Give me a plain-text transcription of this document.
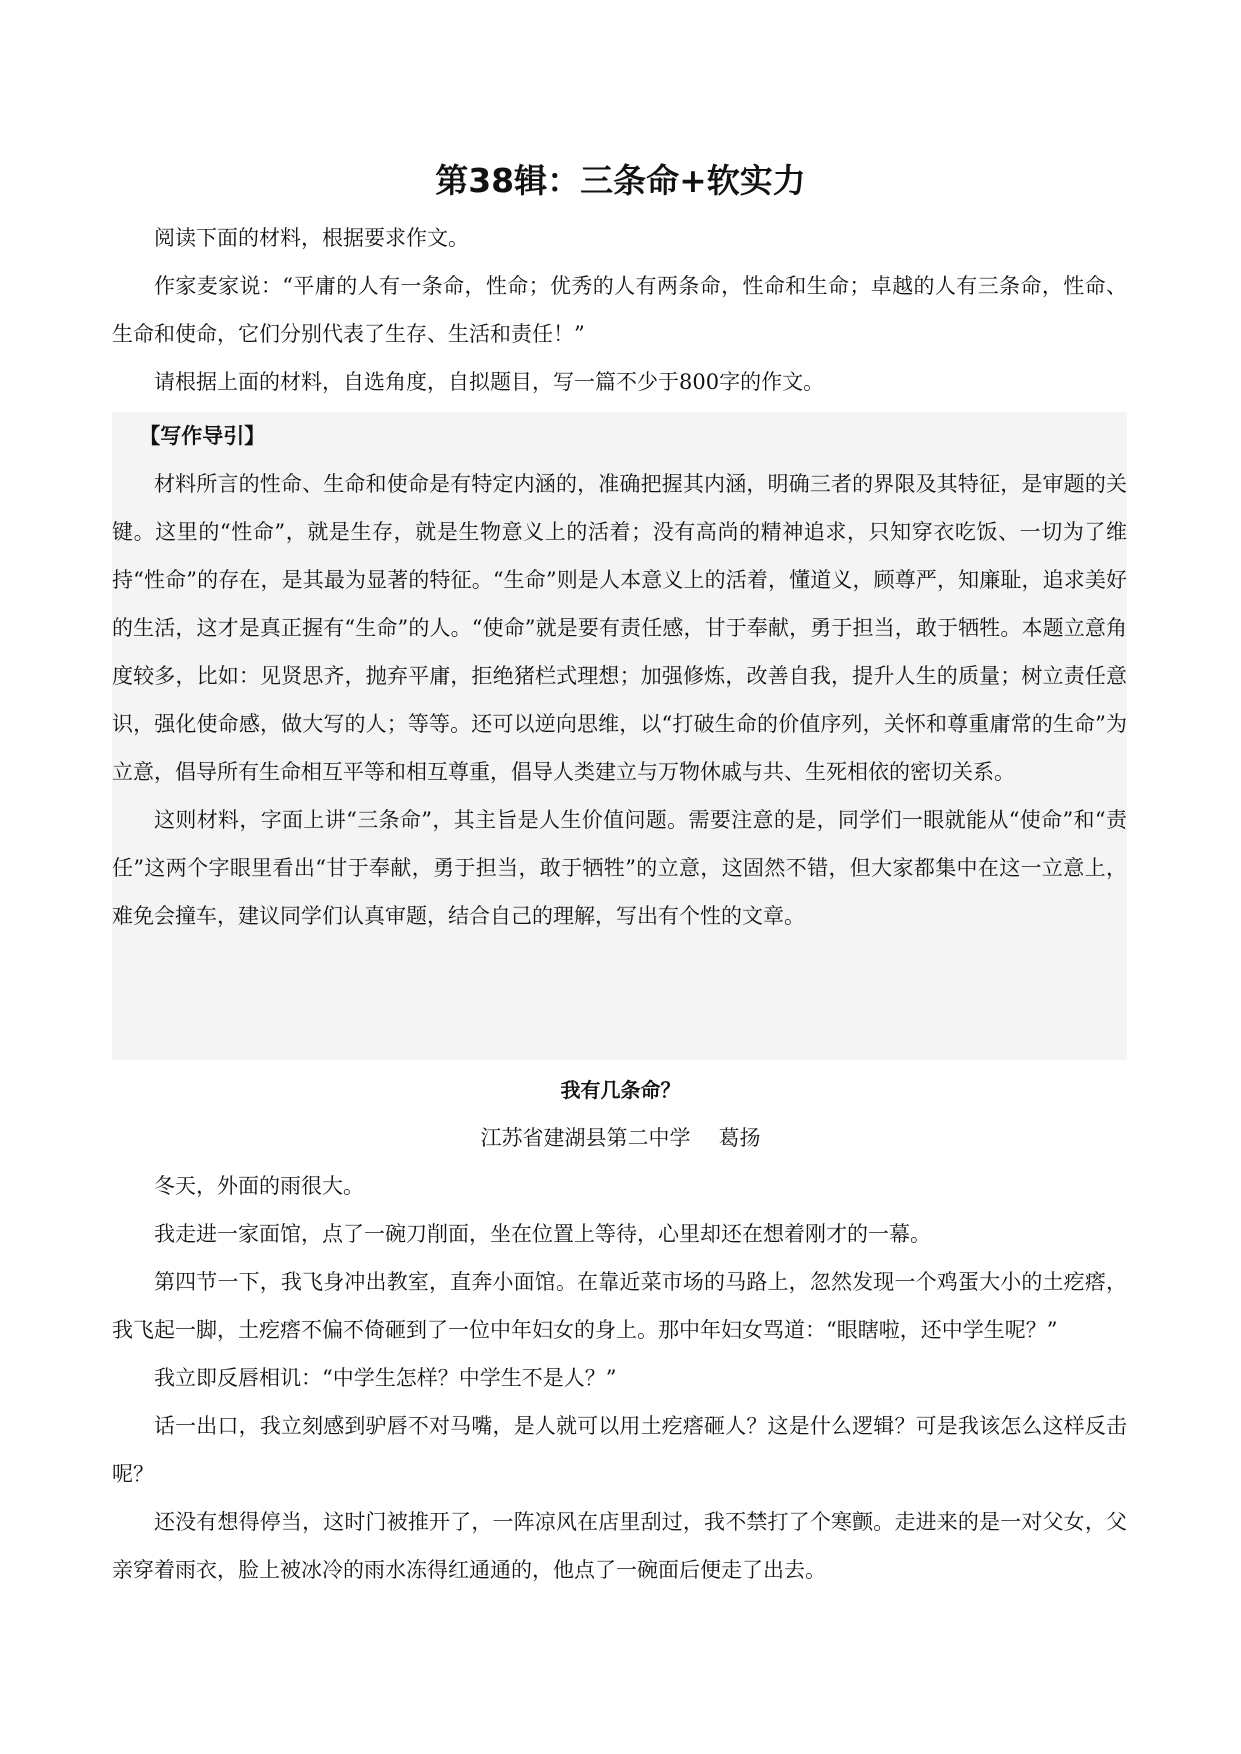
第38辑：三条命+软实力

阅读下面的材料，根据要求作文。

作家麦家说：“平庸的人有一条命，性命；优秀的人有两条命，性命和生命；卓越的人有三条命，性命、生命和使命，它们分别代表了生存、生活和责任！”

请根据上面的材料，自选角度，自拟题目，写一篇不少于800字的作文。

【写作导引】

材料所言的性命、生命和使命是有特定内涵的，准确把握其内涵，明确三者的界限及其特征，是审题的关键。这里的“性命”，就是生存，就是生物意义上的活着；没有高尚的精神追求，只知穿衣吃饭、一切为了维持“性命”的存在，是其最为显著的特征。“生命”则是人本意义上的活着，懂道义，顾尊严，知廉耻，追求美好的生活，这才是真正握有“生命”的人。“使命”就是要有责任感，甘于奉献，勇于担当，敢于牺牲。本题立意角度较多，比如：见贤思齐，抛弃平庸，拒绝猪栏式理想；加强修炼，改善自我，提升人生的质量；树立责任意识，强化使命感，做大写的人；等等。还可以逆向思维，以“打破生命的价值序列，关怀和尊重庸常的生命”为立意，倡导所有生命相互平等和相互尊重，倡导人类建立与万物休戚与共、生死相依的密切关系。

这则材料，字面上讲“三条命”，其主旨是人生价值问题。需要注意的是，同学们一眼就能从“使命”和“责任”这两个字眼里看出“甘于奉献，勇于担当，敢于牺牲”的立意，这固然不错，但大家都集中在这一立意上，难免会撞车，建议同学们认真审题，结合自己的理解，写出有个性的文章。

我有几条命？
江苏省建湖县第二中学 葛扬

冬天，外面的雨很大。

我走进一家面馆，点了一碗刀削面，坐在位置上等待，心里却还在想着刚才的一幕。

第四节一下，我飞身冲出教室，直奔小面馆。在靠近菜市场的马路上，忽然发现一个鸡蛋大小的土疙瘩，我飞起一脚，土疙瘩不偏不倚砸到了一位中年妇女的身上。那中年妇女骂道：“眼瞎啦，还中学生呢？”

我立即反唇相讥：“中学生怎样？中学生不是人？”

话一出口，我立刻感到驴唇不对马嘴，是人就可以用土疙瘩砸人？这是什么逻辑？可是我该怎么这样反击呢？

还没有想得停当，这时门被推开了，一阵凉风在店里刮过，我不禁打了个寒颤。走进来的是一对父女，父亲穿着雨衣，脸上被冰冷的雨水冻得红通通的，他点了一碗面后便走了出去。
